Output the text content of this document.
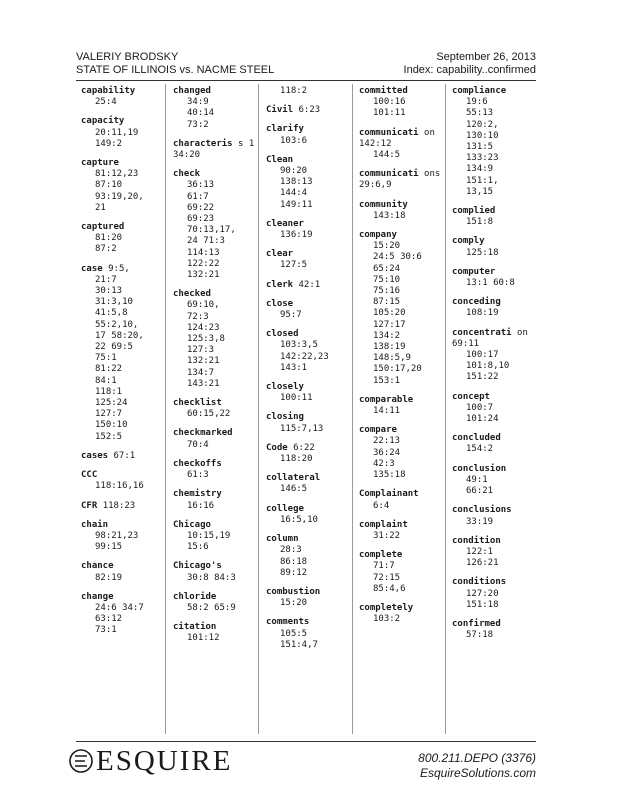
VALERIY BRODSKY
STATE OF ILLINOIS vs. NACME STEEL
September 26, 2013
Index: capability..confirmed
capability
25:4
capacity
20:11,19
149:2
capture
81:12,23
87:10
93:19,20,
21
captured
81:20
87:2
case 9:5,
21:7
30:13
31:3,10
41:5,8
55:2,10,
17 58:20,
22 69:5
75:1
81:22
84:1
118:1
125:24
127:7
150:10
152:5
cases 67:1
CCC
118:16,16
CFR 118:23
chain
98:21,23
99:15
chance
82:19
change
24:6 34:7
63:12
73:1
changed
34:9
40:14
73:2
characteris s 134:20
check
36:13
61:7
69:22
69:23
70:13,17,
24 71:3
114:13
122:22
132:21
checked
69:10,
72:3
124:23
125:3,8
127:3
132:21
134:7
143:21
checklist
60:15,22
checkmarked
70:4
checkoffs
61:3
chemistry
16:16
Chicago
10:15,19
15:6
Chicago's
30:8 84:3
chloride
58:2 65:9
citation
101:12
118:2
Civil 6:23
clarify
103:6
Clean
90:20
138:13
144:4
149:11
cleaner
136:19
clear
127:5
clerk 42:1
close
95:7
closed
103:3,5
142:22,23
143:1
closely
100:11
closing
115:7,13
Code 6:22
118:20
collateral
146:5
college
16:5,10
column
28:3
86:18
89:12
combustion
15:20
comments
105:5
151:4,7
committed
100:16
101:11
communicati on 142:12
144:5
communicati ons 29:6,9
community
143:18
company
15:20
24:5 30:6
65:24
75:10
75:16
87:15
105:20
127:17
134:2
138:19
148:5,9
150:17,20
153:1
comparable
14:11
compare
22:13
36:24
42:3
135:18
Complainant
6:4
complaint
31:22
complete
71:7
72:15
85:4,6
completely
103:2
compliance
19:6
55:13
120:2,
130:10
131:5
133:23
134:9
151:1,
13,15
complied
151:8
comply
125:18
computer
13:1 60:8
conceding
108:19
concentrati on 69:11
100:17
101:8,10
151:22
concept
100:7
101:24
concluded
154:2
conclusion
49:1
66:21
conclusions
33:19
condition
122:1
126:21
conditions
127:20
151:18
confirmed
57:18
ESQUIRE	800.211.DEPO (3376)
EsquireSolutions.com
